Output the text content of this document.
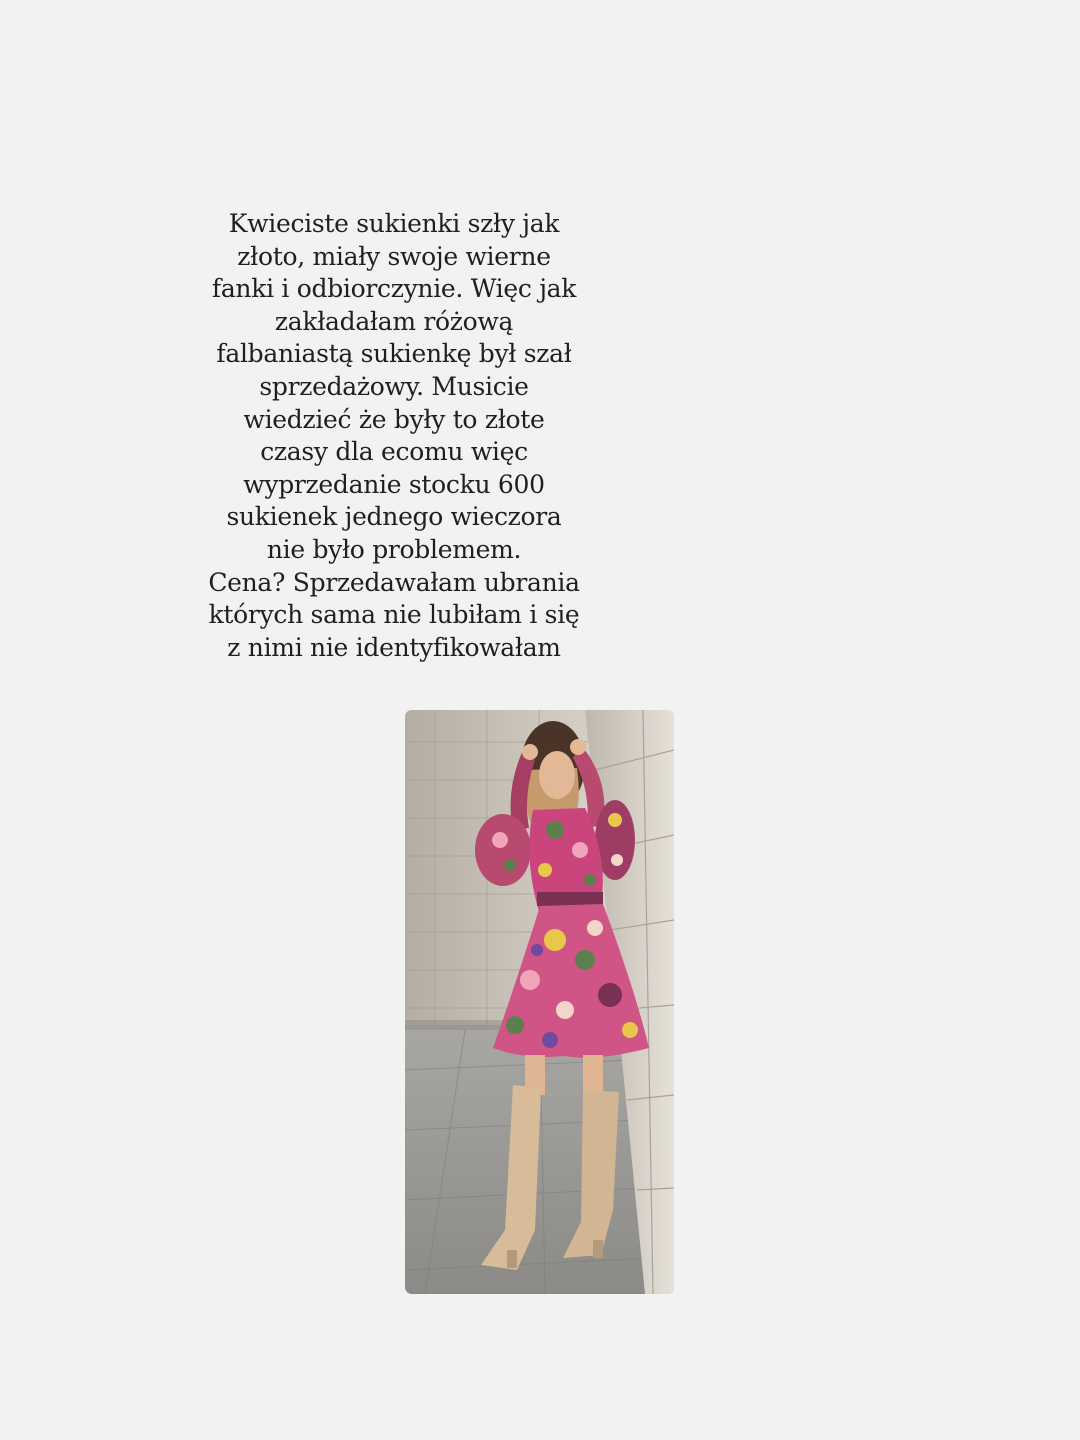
Kwieciste sukienki szły jak
złoto, miały swoje wierne
fanki i odbiorczynie. Więc jak
zakładałam różową
falbaniastą sukienkę był szał
sprzedażowy. Musicie
wiedzieć że były to złote
czasy dla ecomu więc
wyprzedanie stocku 600
sukienek jednego wieczora
nie było problemem.
Cena? Sprzedawałam ubrania
których sama nie lubiłam i się
z nimi nie identyfikowałam
